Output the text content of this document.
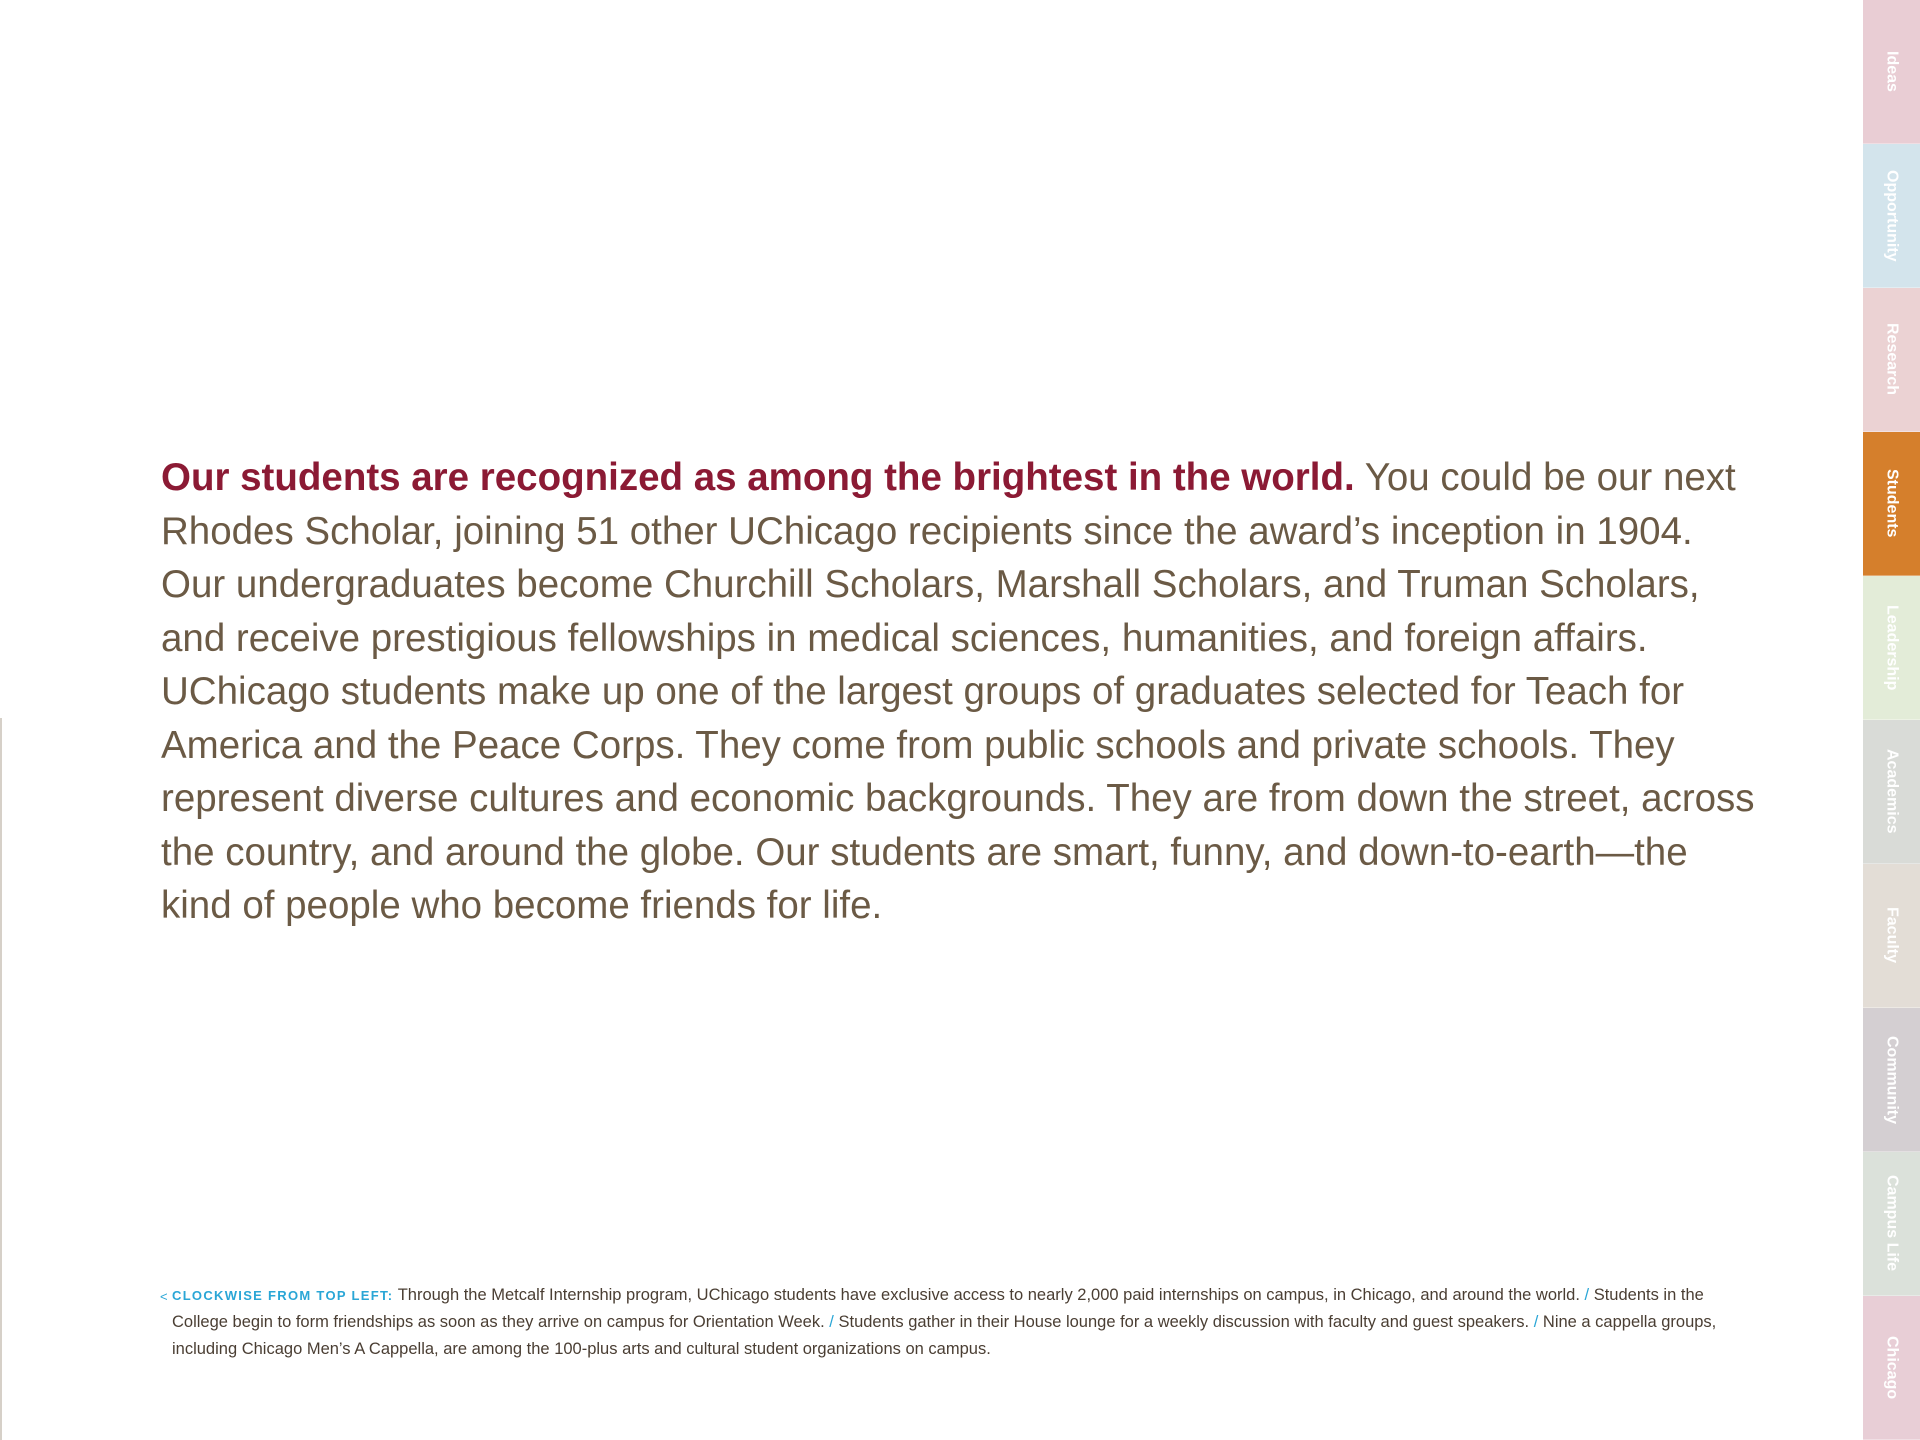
Our students are recognized as among the brightest in the world. You could be our next Rhodes Scholar, joining 51 other UChicago recipients since the award’s inception in 1904. Our undergraduates become Churchill Scholars, Marshall Scholars, and Truman Scholars, and receive prestigious fellowships in medical sciences, humanities, and foreign affairs. UChicago students make up one of the largest groups of graduates selected for Teach for America and the Peace Corps. They come from public schools and private schools. They represent diverse cultures and economic backgrounds. They are from down the street, across the country, and around the globe. Our students are smart, funny, and down-to-earth—the kind of people who become friends for life.

< CLOCKWISE FROM TOP LEFT: Through the Metcalf Internship program, UChicago students have exclusive access to nearly 2,000 paid internships on campus, in Chicago, and around the world. / Students in the College begin to form friendships as soon as they arrive on campus for Orientation Week. / Students gather in their House lounge for a weekly discussion with faculty and guest speakers. / Nine a cappella groups, including Chicago Men’s A Cappella, are among the 100-plus arts and cultural student organizations on campus.

Ideas
Opportunity
Research
Students
Leadership
Academics
Faculty
Community
Campus Life
Chicago
